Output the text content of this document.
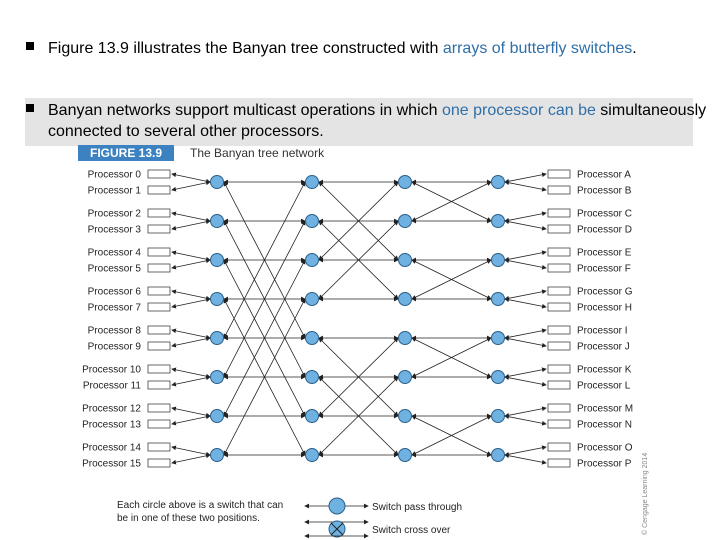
Figure 13.9 illustrates the Banyan tree constructed with arrays of butterfly switches.
Banyan networks support multicast operations in which one processor can be simultaneously connected to several other processors.
FIGURE 13.9	The Banyan tree network
Processor 0	Processor A
Processor 1	Processor B
Processor 2	Processor C
Processor 3	Processor D
Processor 4	Processor E
Processor 5	Processor F
Processor 6	Processor G
Processor 7	Processor H
Processor 8	Processor I
Processor 9	Processor J
Processor 10	Processor K
Processor 11	Processor L
Processor 12	Processor M
Processor 13	Processor N
Processor 14	Processor O
Processor 15	Processor P
Each circle above is a switch that can
be in one of these two positions.
Switch pass through
Switch cross over	© Cengage Learning 2014
